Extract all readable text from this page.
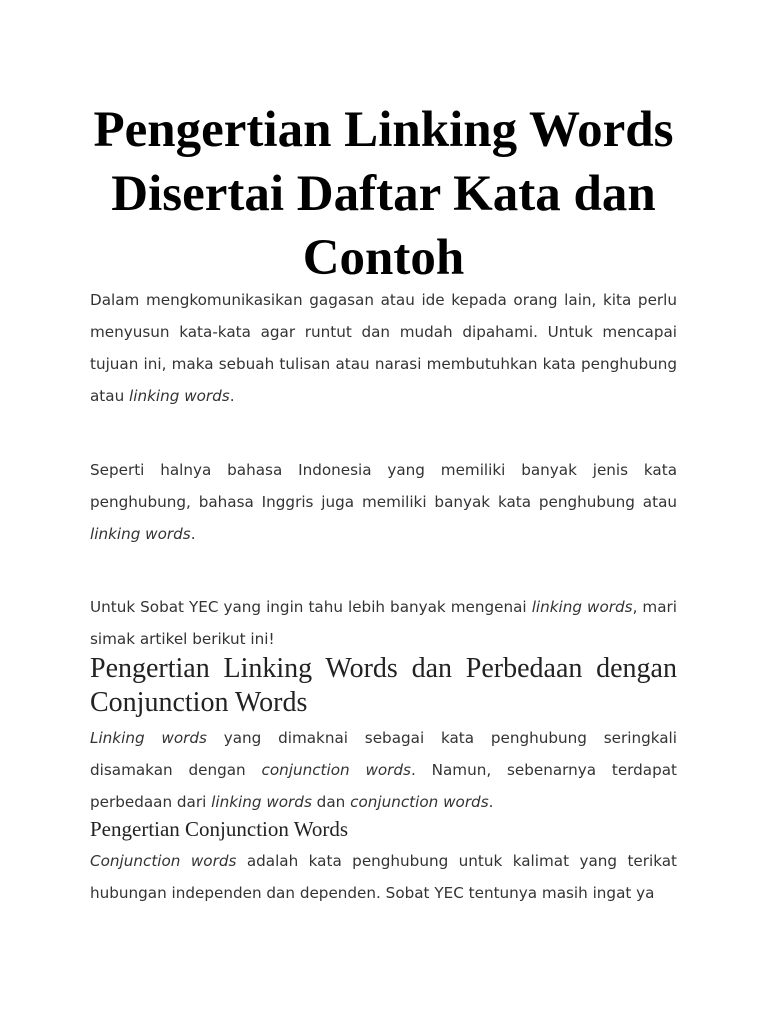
Pengertian Linking Words Disertai Daftar Kata dan Contoh

Dalam mengkomunikasikan gagasan atau ide kepada orang lain, kita perlu menyusun kata-kata agar runtut dan mudah dipahami. Untuk mencapai tujuan ini, maka sebuah tulisan atau narasi membutuhkan kata penghubung atau linking words.

Seperti halnya bahasa Indonesia yang memiliki banyak jenis kata penghubung, bahasa Inggris juga memiliki banyak kata penghubung atau linking words.

Untuk Sobat YEC yang ingin tahu lebih banyak mengenai linking words, mari simak artikel berikut ini!

Pengertian Linking Words dan Perbedaan dengan Conjunction Words

Linking words yang dimaknai sebagai kata penghubung seringkali disamakan dengan conjunction words. Namun, sebenarnya terdapat perbedaan dari linking words dan conjunction words.

Pengertian Conjunction Words

Conjunction words adalah kata penghubung untuk kalimat yang terikat hubungan independen dan dependen. Sobat YEC tentunya masih ingat ya
